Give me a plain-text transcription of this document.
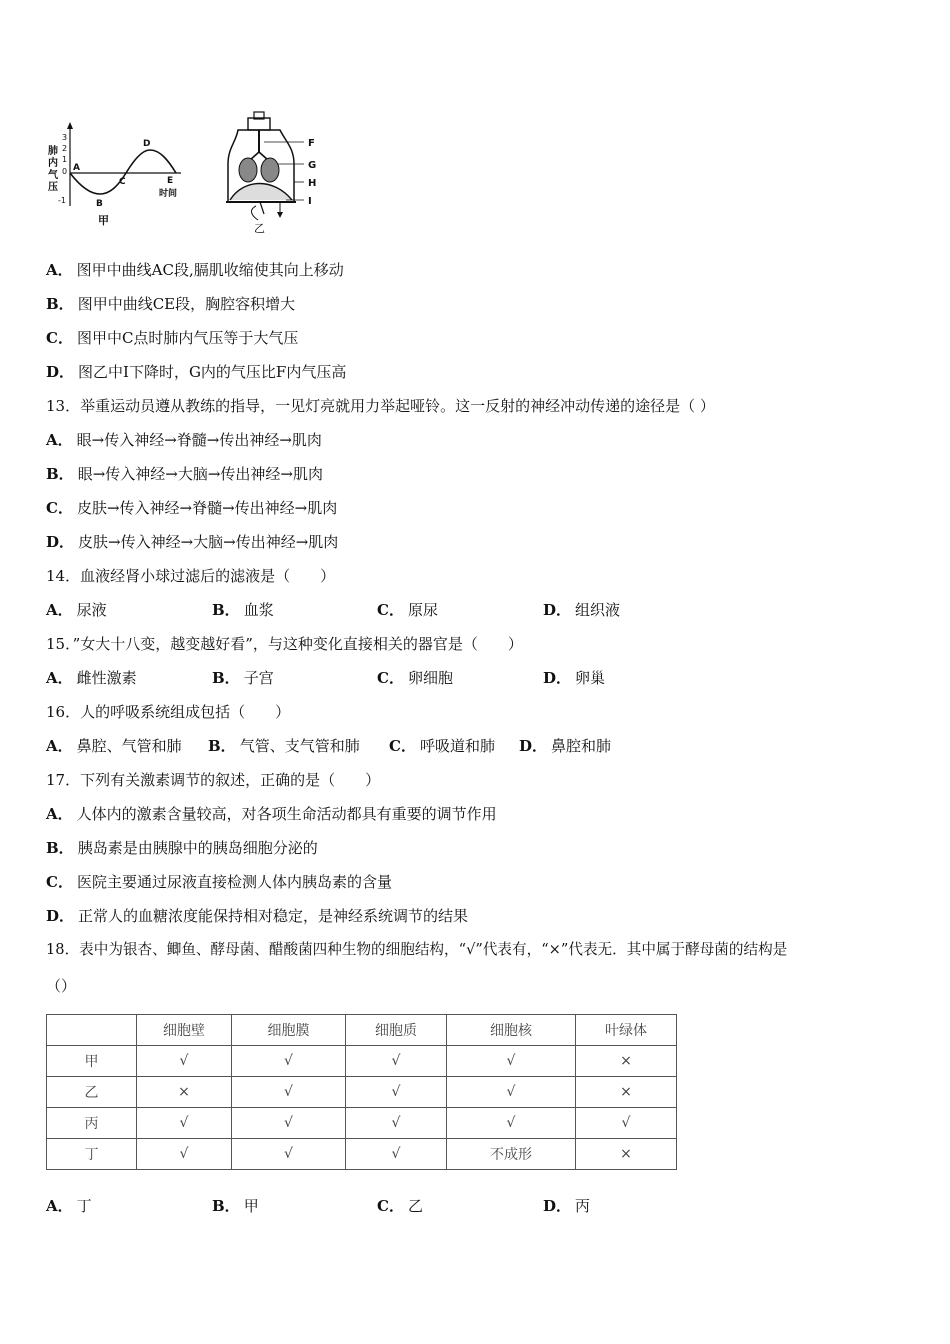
肺
内
气
压
3
2
1
0
-1
A
B
C
D
E
时间
甲
F
G
H
I
乙
A． 图甲中曲线AC段,膈肌收缩使其向上移动
B． 图甲中曲线CE段，胸腔容积增大
C． 图甲中C点时肺内气压等于大气压
D． 图乙中I下降时，G内的气压比F内气压高
13．举重运动员遵从教练的指导，一见灯亮就用力举起哑铃。这一反射的神经冲动传递的途径是（ ）
A． 眼→传入神经→脊髓→传出神经→肌肉
B． 眼→传入神经→大脑→传出神经→肌肉
C． 皮肤→传入神经→脊髓→传出神经→肌肉
D． 皮肤→传入神经→大脑→传出神经→肌肉
14．血液经肾小球过滤后的滤液是（　　）
A． 尿液	B． 血浆	C． 原尿	D． 组织液
15．”女大十八变，越变越好看”，与这种变化直接相关的器官是（　　）
A． 雌性激素	B． 子宫	C． 卵细胞	D． 卵巢
16．人的呼吸系统组成包括（　　）
A． 鼻腔、气管和肺 B． 气管、支气管和肺 C． 呼吸道和肺 D． 鼻腔和肺
17．下列有关激素调节的叙述，正确的是（　　）
A． 人体内的激素含量较高，对各项生命活动都具有重要的调节作用
B． 胰岛素是由胰腺中的胰岛细胞分泌的
C． 医院主要通过尿液直接检测人体内胰岛素的含量
D． 正常人的血糖浓度能保持相对稳定，是神经系统调节的结果
18．表中为银杏、鲫鱼、酵母菌、醋酸菌四种生物的细胞结构，“√”代表有，“×”代表无．其中属于酵母菌的结构是
（）
	细胞壁	细胞膜	细胞质	细胞核	叶绿体
甲	√	√	√	√	×
乙	×	√	√	√	×
丙	√	√	√	√	√
丁	√	√	√	不成形	×
A． 丁	B． 甲	C． 乙	D． 丙
